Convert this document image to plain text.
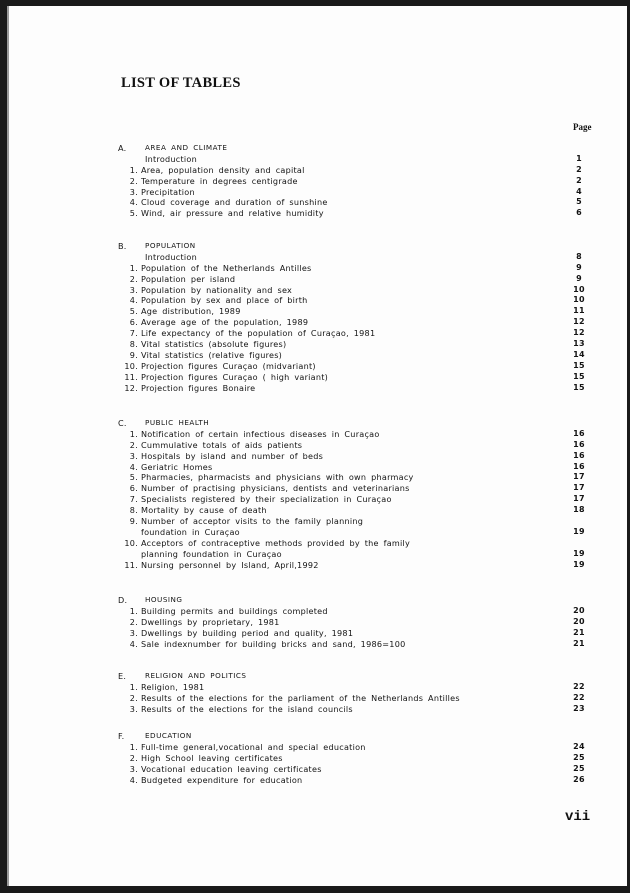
LIST OF TABLES
Page
A.	AREA AND CLIMATE
Introduction	1
1. Area, population density and capital	2
2. Temperature in degrees centigrade	2
3. Precipitation	4
4. Cloud coverage and duration of sunshine	5
5. Wind, air pressure and relative humidity	6
B.	POPULATION
Introduction	8
1. Population of the Netherlands Antilles	9
2. Population per island	9
3. Population by nationality and sex	10
4. Population by sex and place of birth	10
5. Age distribution, 1989	11
6. Average age of the population, 1989	12
7. Life expectancy of the population of Curaçao, 1981	12
8. Vital statistics (absolute figures)	13
9. Vital statistics (relative figures)	14
10. Projection figures Curaçao (midvariant)	15
11. Projection figures Curaçao ( high variant)	15
12. Projection figures Bonaire	15
C.	PUBLIC HEALTH
1. Notification of certain infectious diseases in Curaçao	16
2. Cummulative totals of aids patients	16
3. Hospitals by island and number of beds	16
4. Geriatric Homes	16
5. Pharmacies, pharmacists and physicians with own pharmacy	17
6. Number of practising physicians, dentists and veterinarians	17
7. Specialists registered by their specialization in Curaçao	17
8. Mortality by cause of death	18
9. Number of acceptor visits to the family planning
foundation in Curaçao	19
10. Acceptors of contraceptive methods provided by the family
planning foundation in Curaçao	19
11. Nursing personnel by Island, April,1992	19
D. HOUSING
1. Building permits and buildings completed	20
2. Dwellings by proprietary, 1981	20
3. Dwellings by building period and quality, 1981	21
4. Sale indexnumber for building bricks and sand, 1986=100	21
E.	RELIGION AND POLITICS
1. Religion, 1981	22
2. Results of the elections for the parliament of the Netherlands Antilles	22
3. Results of the elections for the island councils	23
F.	EDUCATION
1. Full-time general,vocational and special education	24
2. High School leaving certificates	25
3. Vocational education leaving certificates	25
4. Budgeted expenditure for education	26
vii
